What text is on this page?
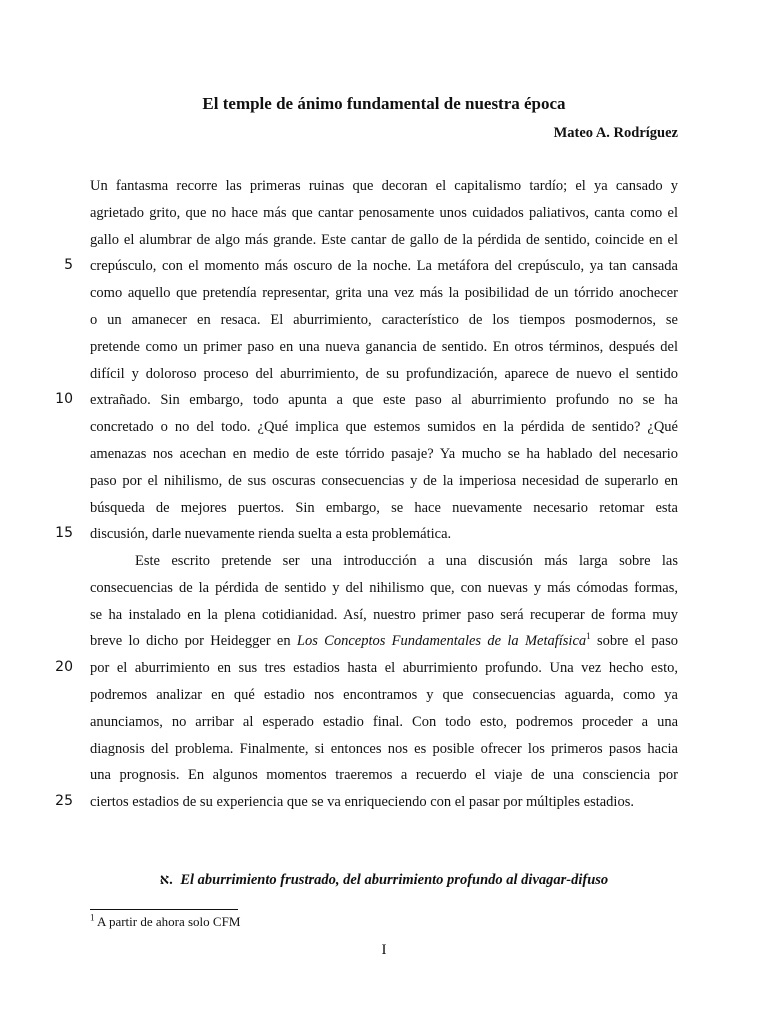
El temple de ánimo fundamental de nuestra época
Mateo A. Rodríguez
5
10
15
20
25
Un fantasma recorre las primeras ruinas que decoran el capitalismo tardío; el ya cansado y
agrietado grito, que no hace más que cantar penosamente unos cuidados paliativos, canta como el
gallo el alumbrar de algo más grande. Este cantar de gallo de la pérdida de sentido, coincide en el
crepúsculo, con el momento más oscuro de la noche. La metáfora del crepúsculo, ya tan cansada
como aquello que pretendía representar, grita una vez más la posibilidad de un tórrido anochecer
o un amanecer en resaca. El aburrimiento, característico de los tiempos posmodernos, se
pretende como un primer paso en una nueva ganancia de sentido. En otros términos, después del
difícil y doloroso proceso del aburrimiento, de su profundización, aparece de nuevo el sentido
extrañado. Sin embargo, todo apunta a que este paso al aburrimiento profundo no se ha
concretado o no del todo. ¿Qué implica que estemos sumidos en la pérdida de sentido? ¿Qué
amenazas nos acechan en medio de este tórrido pasaje? Ya mucho se ha hablado del necesario
paso por el nihilismo, de sus oscuras consecuencias y de la imperiosa necesidad de superarlo en
búsqueda de mejores puertos. Sin embargo, se hace nuevamente necesario retomar esta
discusión, darle nuevamente rienda suelta a esta problemática.
Este escrito pretende ser una introducción a una discusión más larga sobre las
consecuencias de la pérdida de sentido y del nihilismo que, con nuevas y más cómodas formas,
se ha instalado en la plena cotidianidad. Así, nuestro primer paso será recuperar de forma muy
breve lo dicho por Heidegger en Los Conceptos Fundamentales de la Metafísica$^1$ sobre el paso
por el aburrimiento en sus tres estadios hasta el aburrimiento profundo. Una vez hecho esto,
podremos analizar en qué estadio nos encontramos y que consecuencias aguarda, como ya
anunciamos, no arribar al esperado estadio final. Con todo esto, podremos proceder a una
diagnosis del problema. Finalmente, si entonces nos es posible ofrecer los primeros pasos hacia
una prognosis. En algunos momentos traeremos a recuerdo el viaje de una consciencia por
ciertos estadios de su experiencia que se va enriqueciendo con el pasar por múltiples estadios.
א. El aburrimiento frustrado, del aburrimiento profundo al divagar-difuso
$^1$ A partir de ahora solo CFM
I
